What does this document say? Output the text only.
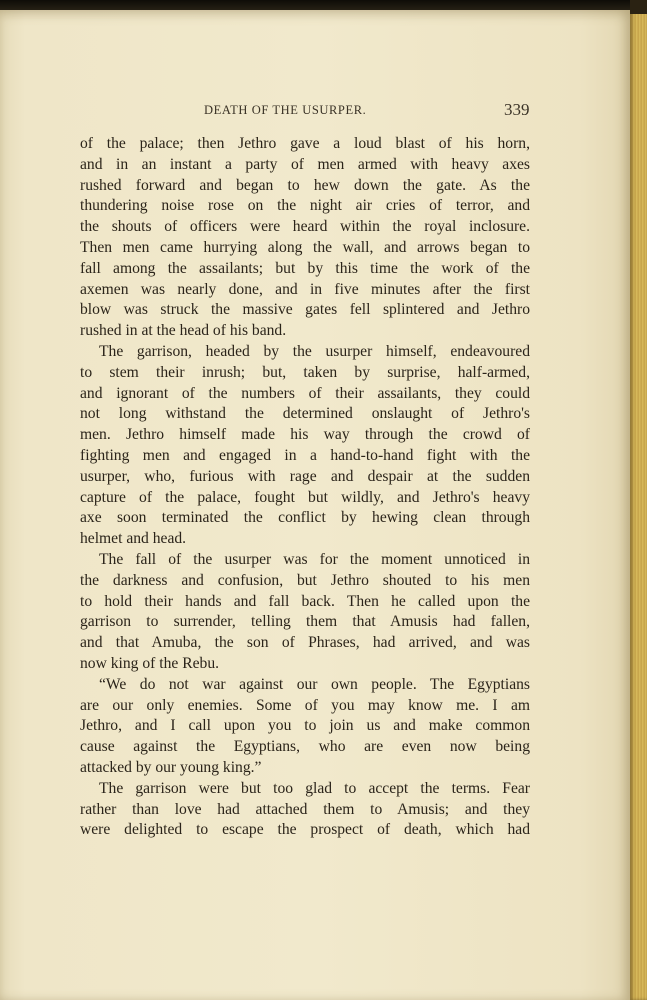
DEATH OF THE USURPER.	339
of the palace; then Jethro gave a loud blast of his horn,
and in an instant a party of men armed with heavy axes
rushed forward and began to hew down the gate. As the
thundering noise rose on the night air cries of terror, and
the shouts of officers were heard within the royal inclosure.
Then men came hurrying along the wall, and arrows began to
fall among the assailants; but by this time the work of the
axemen was nearly done, and in five minutes after the first
blow was struck the massive gates fell splintered and Jethro
rushed in at the head of his band.
The garrison, headed by the usurper himself, endeavoured
to stem their inrush; but, taken by surprise, half-armed,
and ignorant of the numbers of their assailants, they could
not long withstand the determined onslaught of Jethro's
men. Jethro himself made his way through the crowd of
fighting men and engaged in a hand-to-hand fight with the
usurper, who, furious with rage and despair at the sudden
capture of the palace, fought but wildly, and Jethro's heavy
axe soon terminated the conflict by hewing clean through
helmet and head.
The fall of the usurper was for the moment unnoticed in
the darkness and confusion, but Jethro shouted to his men
to hold their hands and fall back. Then he called upon the
garrison to surrender, telling them that Amusis had fallen,
and that Amuba, the son of Phrases, had arrived, and was
now king of the Rebu.
“We do not war against our own people. The Egyptians
are our only enemies. Some of you may know me. I am
Jethro, and I call upon you to join us and make common
cause against the Egyptians, who are even now being
attacked by our young king.”
The garrison were but too glad to accept the terms. Fear
rather than love had attached them to Amusis; and they
were delighted to escape the prospect of death, which had
